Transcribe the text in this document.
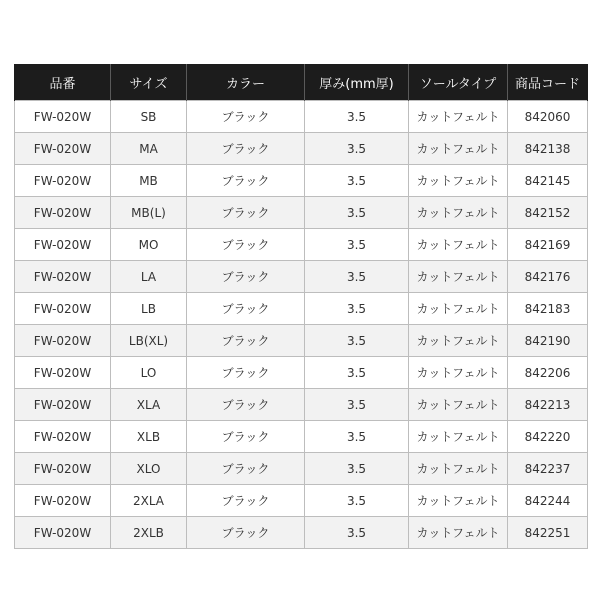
品番	サイズ	カラー	厚み(mm厚)	ソールタイプ	商品コード
FW-020W	SB	ブラック	3.5	カットフェルト	842060
FW-020W	MA	ブラック	3.5	カットフェルト	842138
FW-020W	MB	ブラック	3.5	カットフェルト	842145
FW-020W	MB(L)	ブラック	3.5	カットフェルト	842152
FW-020W	MO	ブラック	3.5	カットフェルト	842169
FW-020W	LA	ブラック	3.5	カットフェルト	842176
FW-020W	LB	ブラック	3.5	カットフェルト	842183
FW-020W	LB(XL)	ブラック	3.5	カットフェルト	842190
FW-020W	LO	ブラック	3.5	カットフェルト	842206
FW-020W	XLA	ブラック	3.5	カットフェルト	842213
FW-020W	XLB	ブラック	3.5	カットフェルト	842220
FW-020W	XLO	ブラック	3.5	カットフェルト	842237
FW-020W	2XLA	ブラック	3.5	カットフェルト	842244
FW-020W	2XLB	ブラック	3.5	カットフェルト	842251
